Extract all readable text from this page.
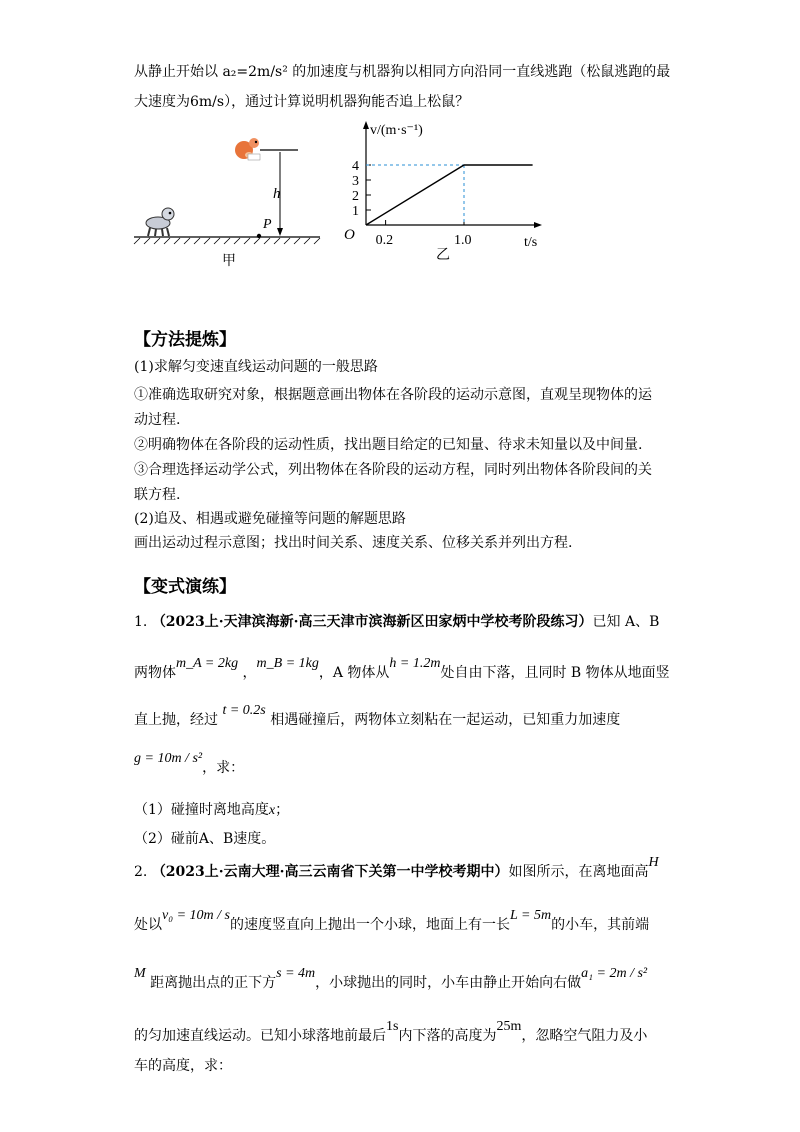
从静止开始以 a₂=2m/s² 的加速度与机器狗以相同方向沿同一直线逃跑（松鼠逃跑的最
大速度为6m/s），通过计算说明机器狗能否追上松鼠？
h
P
甲
v/(m·s⁻¹)
t/s
O
1
2
3
4
0.2	1.0
乙
【方法提炼】
(1)求解匀变速直线运动问题的一般思路
①准确选取研究对象，根据题意画出物体在各阶段的运动示意图，直观呈现物体的运
动过程.
②明确物体在各阶段的运动性质，找出题目给定的已知量、待求未知量以及中间量.
③合理选择运动学公式，列出物体在各阶段的运动方程，同时列出物体各阶段间的关
联方程.
(2)追及、相遇或避免碰撞等问题的解题思路
画出运动过程示意图；找出时间关系、速度关系、位移关系并列出方程.
【变式演练】
1. （2023上·天津滨海新·高三天津市滨海新区田家炳中学校考阶段练习）已知 A、B
两物体m_A = 2kg ，m_B = 1kg，A 物体从h = 1.2m处自由下落，且同时 B 物体从地面竖
直上抛，经过 t = 0.2s 相遇碰撞后，两物体立刻粘在一起运动，已知重力加速度
g = 10m / s²，求：
（1）碰撞时离地高度x；
（2）碰前A、B速度。
2. （2023上·云南大理·高三云南省下关第一中学校考期中）如图所示，在离地面高H
处以v₀ = 10m / s的速度竖直向上抛出一个小球，地面上有一长L = 5m的小车，其前端
M 距离抛出点的正下方s = 4m，小球抛出的同时，小车由静止开始向右做a₁ = 2m / s²
的匀加速直线运动。已知小球落地前最后1s内下落的高度为25m，忽略空气阻力及小
车的高度，求：
